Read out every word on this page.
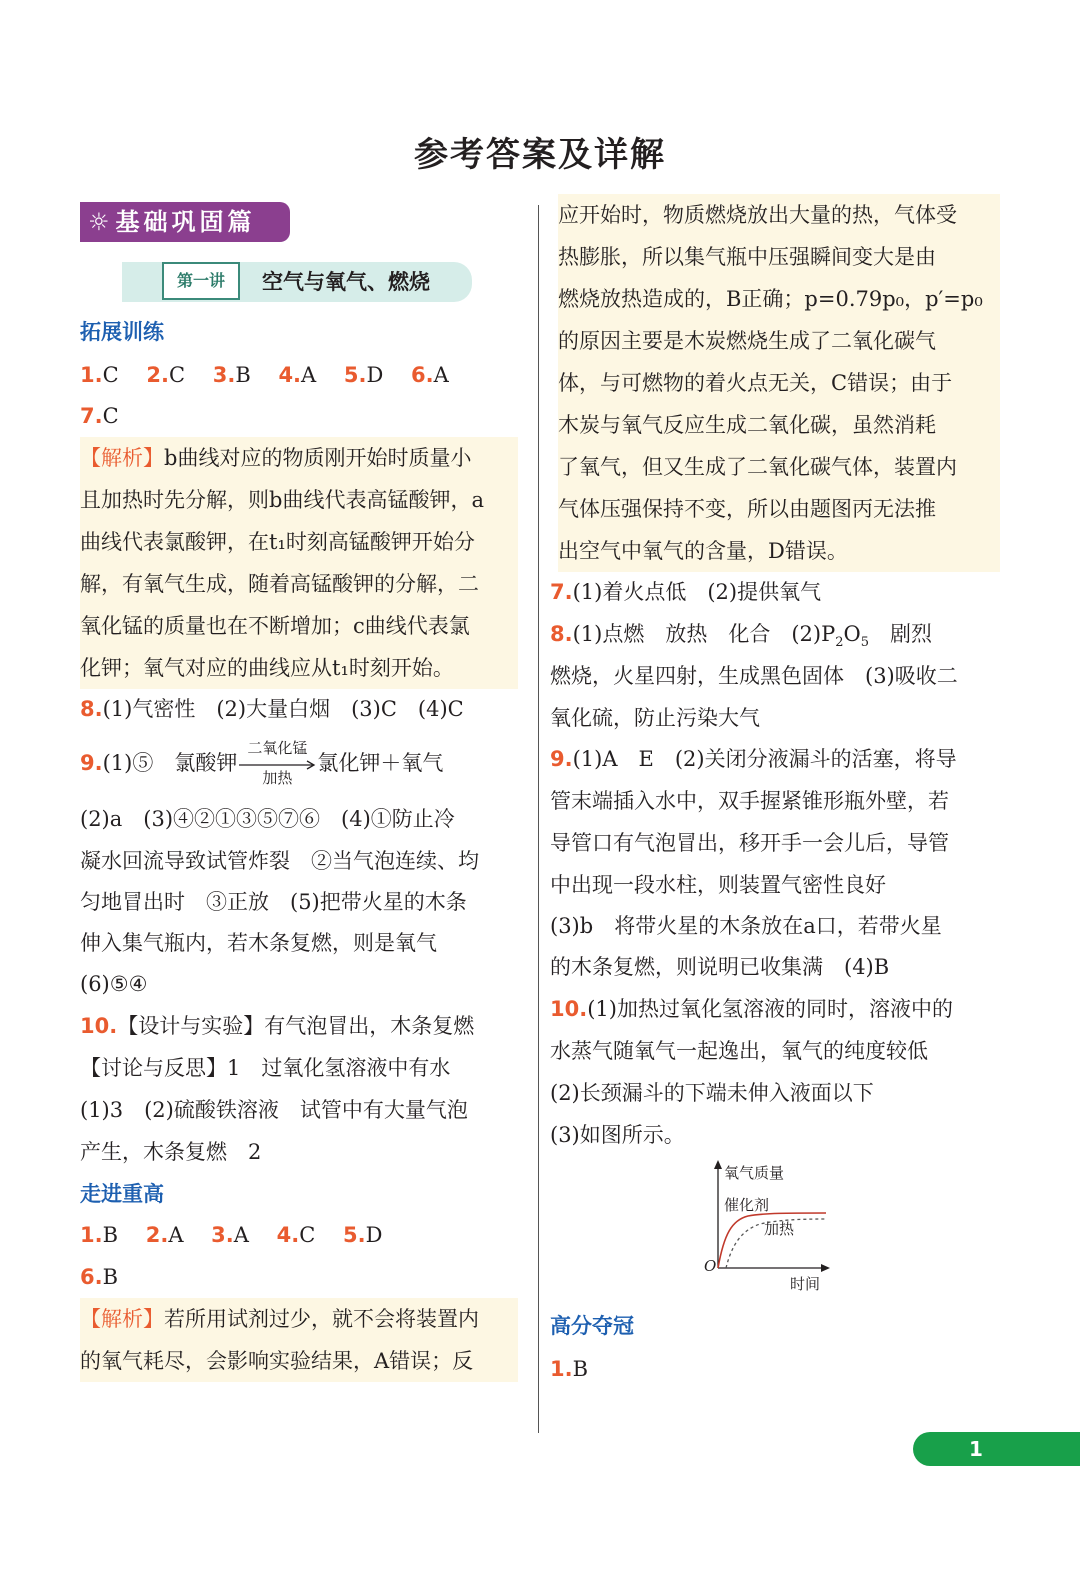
参考答案及详解
☼ 基础巩固篇
第一讲	空气与氧气、燃烧
拓展训练
1.C　 2.C　 3.B　 4.A　 5.D　 6.A
7.C
【解析】b曲线对应的物质刚开始时质量小
且加热时先分解，则b曲线代表高锰酸钾，a
曲线代表氯酸钾，在t₁时刻高锰酸钾开始分
解，有氧气生成，随着高锰酸钾的分解，二
氧化锰的质量也在不断增加；c曲线代表氯
化钾；氧气对应的曲线应从t₁时刻开始。
8.(1)气密性　(2)大量白烟　(3)C　(4)C
9.(1)⑤　氯酸钾
二氧化锰
加热
氯化钾＋氧气
(2)a　(3)④②①③⑤⑦⑥　(4)①防止冷
凝水回流导致试管炸裂　②当气泡连续、均
匀地冒出时　③正放　(5)把带火星的木条
伸入集气瓶内，若木条复燃，则是氧气
(6)⑤④
10.【设计与实验】有气泡冒出，木条复燃
【讨论与反思】1　过氧化氢溶液中有水
(1)3　(2)硫酸铁溶液　试管中有大量气泡
产生，木条复燃　2
走进重高
1.B　 2.A　 3.A　 4.C　 5.D
6.B
【解析】若所用试剂过少，就不会将装置内
的氧气耗尽，会影响实验结果，A错误；反
应开始时，物质燃烧放出大量的热，气体受
热膨胀，所以集气瓶中压强瞬间变大是由
燃烧放热造成的，B正确；p=0.79p₀，p′=p₀
的原因主要是木炭燃烧生成了二氧化碳气
体，与可燃物的着火点无关，C错误；由于
木炭与氧气反应生成二氧化碳，虽然消耗
了氧气，但又生成了二氧化碳气体，装置内
气体压强保持不变，所以由题图丙无法推
出空气中氧气的含量，D错误。
7.(1)着火点低　(2)提供氧气
8.(1)点燃　放热　化合　$(2)P_2O_5$　剧烈
燃烧，火星四射，生成黑色固体　(3)吸收二
氧化硫，防止污染大气
9.(1)A　E　(2)关闭分液漏斗的活塞，将导
管末端插入水中，双手握紧锥形瓶外壁，若
导管口有气泡冒出，移开手一会儿后，导管
中出现一段水柱，则装置气密性良好
(3)b　将带火星的木条放在a口，若带火星
的木条复燃，则说明已收集满　(4)B
10.(1)加热过氧化氢溶液的同时，溶液中的
水蒸气随氧气一起逸出，氧气的纯度较低
(2)长颈漏斗的下端未伸入液面以下
(3)如图所示。
高分夺冠
1.B
氧气质量
催化剂
加热
O
时间
1
